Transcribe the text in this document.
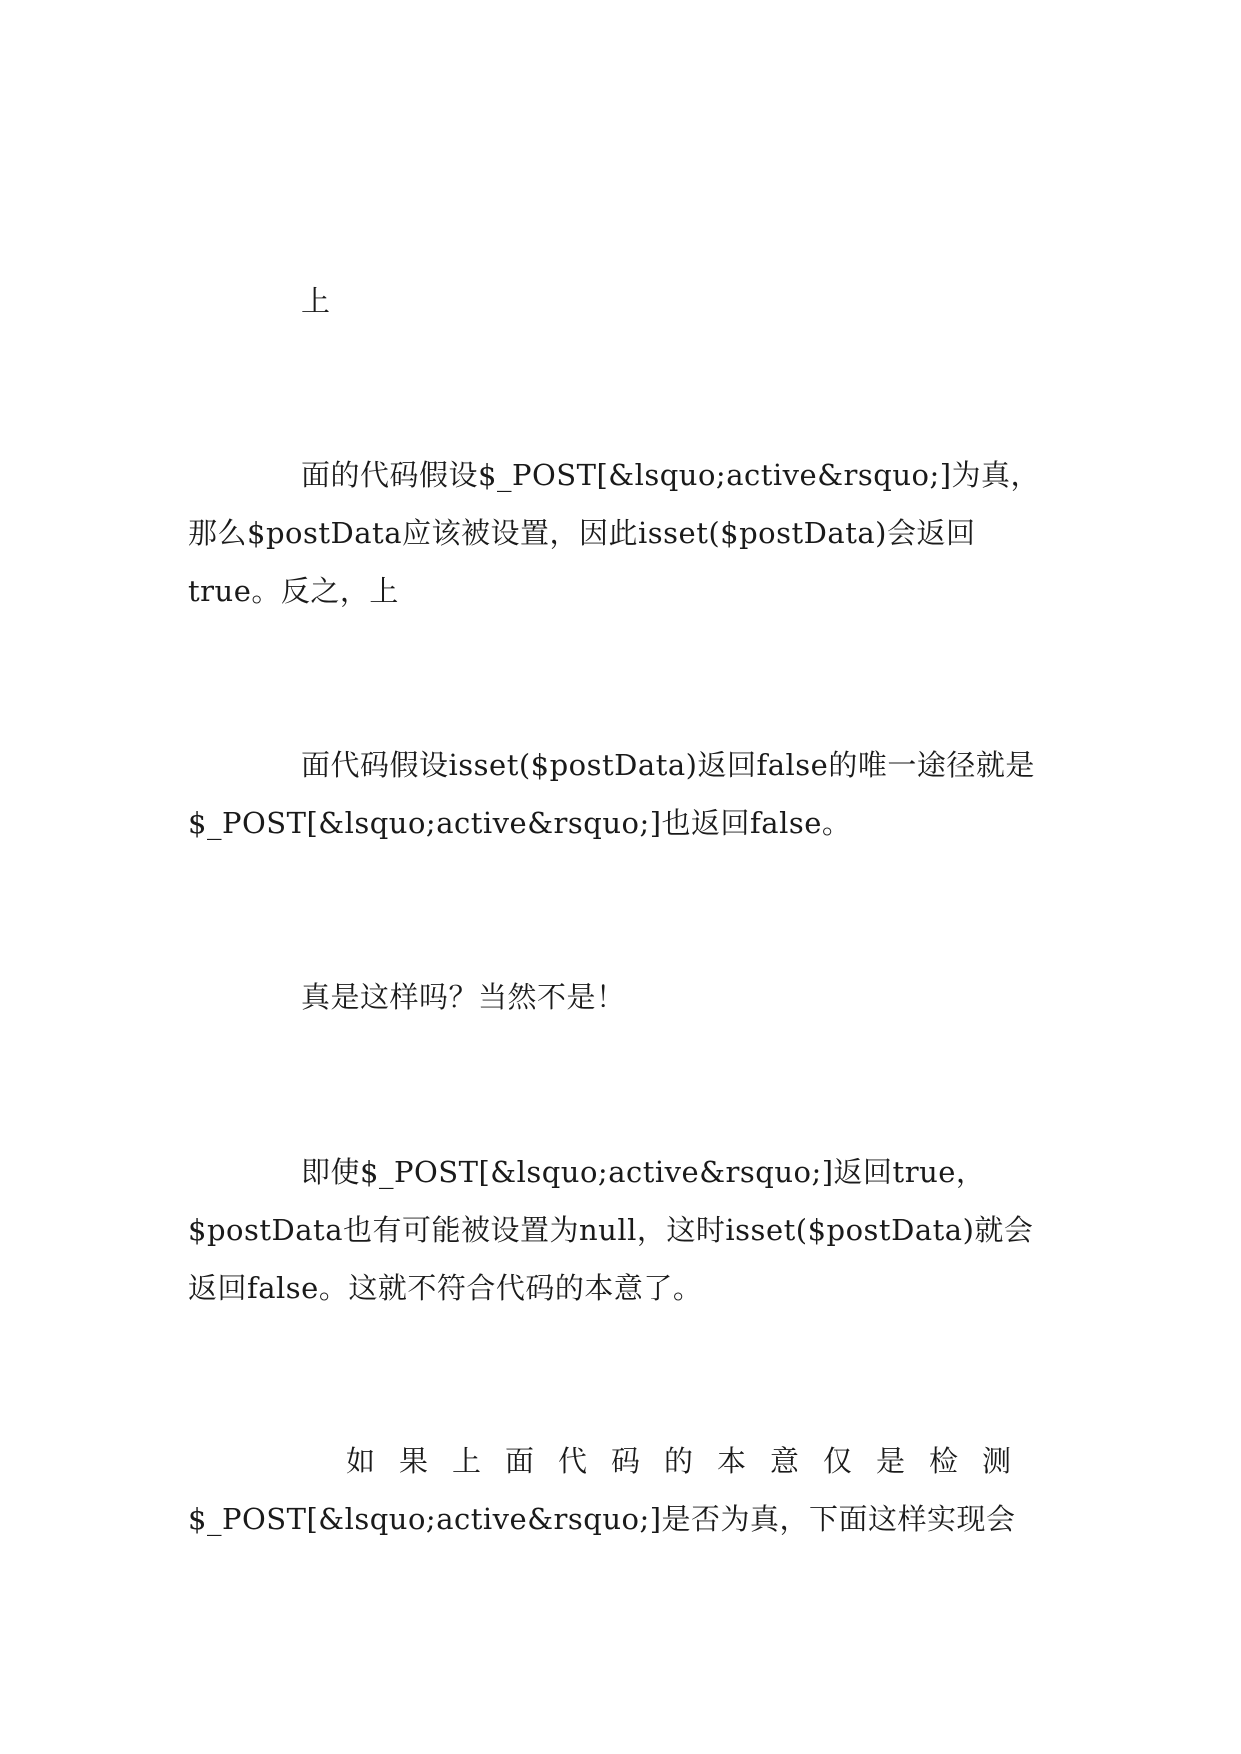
上

面的代码假设$_POST[&lsquo;active&rsquo;]为真，那么$postData应该被设置，因此isset($postData)会返回true。反之，上

面代码假设isset($postData)返回false的唯一途径就是$_POST[&lsquo;active&rsquo;]也返回false。

真是这样吗？当然不是！

即使$_POST[&lsquo;active&rsquo;]返回true，$postData也有可能被设置为null，这时isset($postData)就会返回false。这就不符合代码的本意了。

如果上面代码的本意仅是检测
$_POST[&lsquo;active&rsquo;]是否为真，下面这样实现会
